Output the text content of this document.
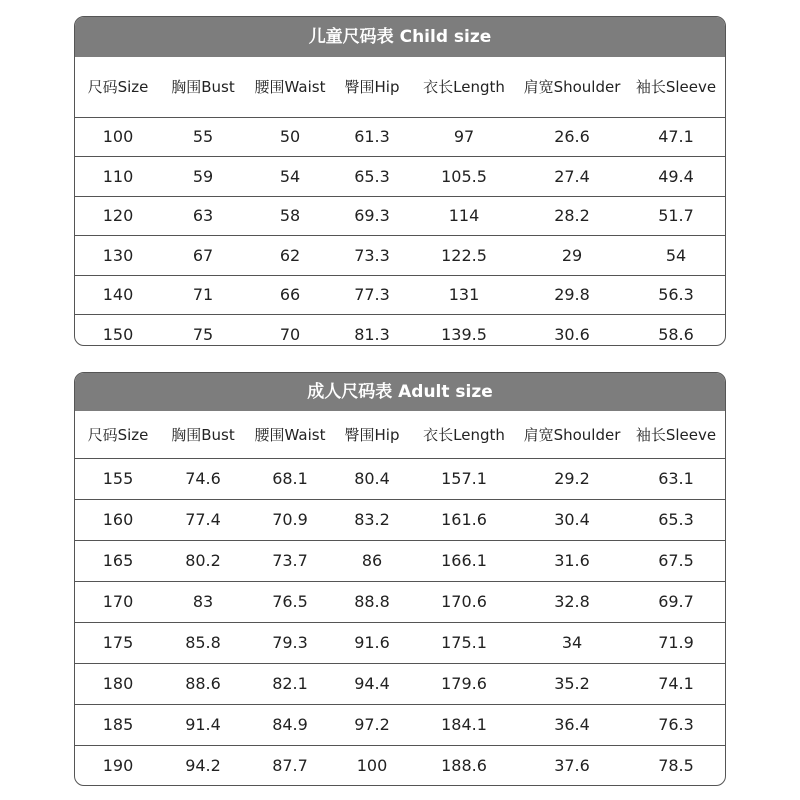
儿童尺码表 Child size
尺码Size	胸围Bust	腰围Waist	臀围Hip	衣长Length	肩宽Shoulder	袖长Sleeve
100	55	50	61.3	97	26.6	47.1
110	59	54	65.3	105.5	27.4	49.4
120	63	58	69.3	114	28.2	51.7
130	67	62	73.3	122.5	29	54
140	71	66	77.3	131	29.8	56.3
150	75	70	81.3	139.5	30.6	58.6
成人尺码表 Adult size
尺码Size	胸围Bust	腰围Waist	臀围Hip	衣长Length	肩宽Shoulder	袖长Sleeve
155	74.6	68.1	80.4	157.1	29.2	63.1
160	77.4	70.9	83.2	161.6	30.4	65.3
165	80.2	73.7	86	166.1	31.6	67.5
170	83	76.5	88.8	170.6	32.8	69.7
175	85.8	79.3	91.6	175.1	34	71.9
180	88.6	82.1	94.4	179.6	35.2	74.1
185	91.4	84.9	97.2	184.1	36.4	76.3
190	94.2	87.7	100	188.6	37.6	78.5
